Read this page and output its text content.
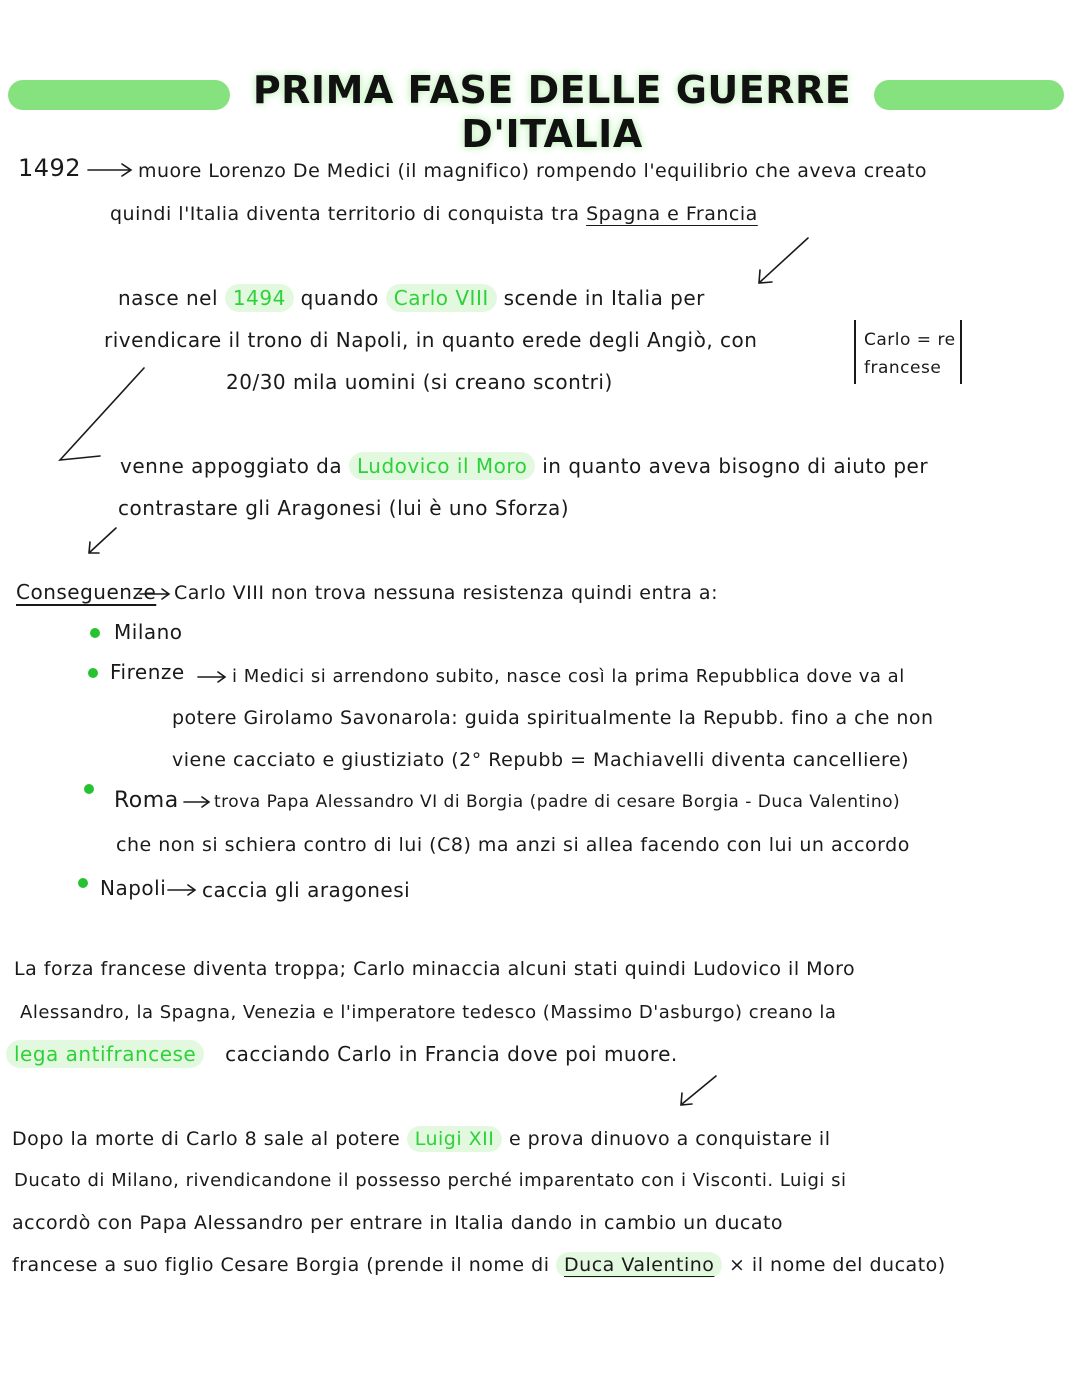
PRIMA FASE DELLE GUERRE D'ITALIA
1492	muore Lorenzo De Medici (il magnifico) rompendo l'equilibrio che aveva creato
quindi l'Italia diventa territorio di conquista tra Spagna e Francia
nasce nel 1494 quando Carlo VIII scende in Italia per
rivendicare il trono di Napoli, in quanto erede degli Angiò, con
20/30 mila uomini (si creano scontri)
Carlo = re
francese
venne appoggiato da Ludovico il Moro in quanto aveva bisogno di aiuto per
contrastare gli Aragonesi (lui è uno Sforza)
Conseguenze Carlo VIII non trova nessuna resistenza quindi entra a:
Milano
Firenze	i Medici si arrendono subito, nasce così la prima Repubblica dove va al
potere Girolamo Savonarola: guida spiritualmente la Repubb. fino a che non
viene cacciato e giustiziato (2° Repubb = Machiavelli diventa cancelliere)
Roma trova Papa Alessandro VI di Borgia (padre di cesare Borgia - Duca Valentino)
che non si schiera contro di lui (C8) ma anzi si allea facendo con lui un accordo
Napoli caccia gli aragonesi
La forza francese diventa troppa; Carlo minaccia alcuni stati quindi Ludovico il Moro
Alessandro, la Spagna, Venezia e l'imperatore tedesco (Massimo D'asburgo) creano la
lega antifrancese cacciando Carlo in Francia dove poi muore.
Dopo la morte di Carlo 8 sale al potere Luigi XII e prova dinuovo a conquistare il
Ducato di Milano, rivendicandone il possesso perché imparentato con i Visconti. Luigi si
accordò con Papa Alessandro per entrare in Italia dando in cambio un ducato
francese a suo figlio Cesare Borgia (prende il nome di Duca Valentino × il nome del ducato)
